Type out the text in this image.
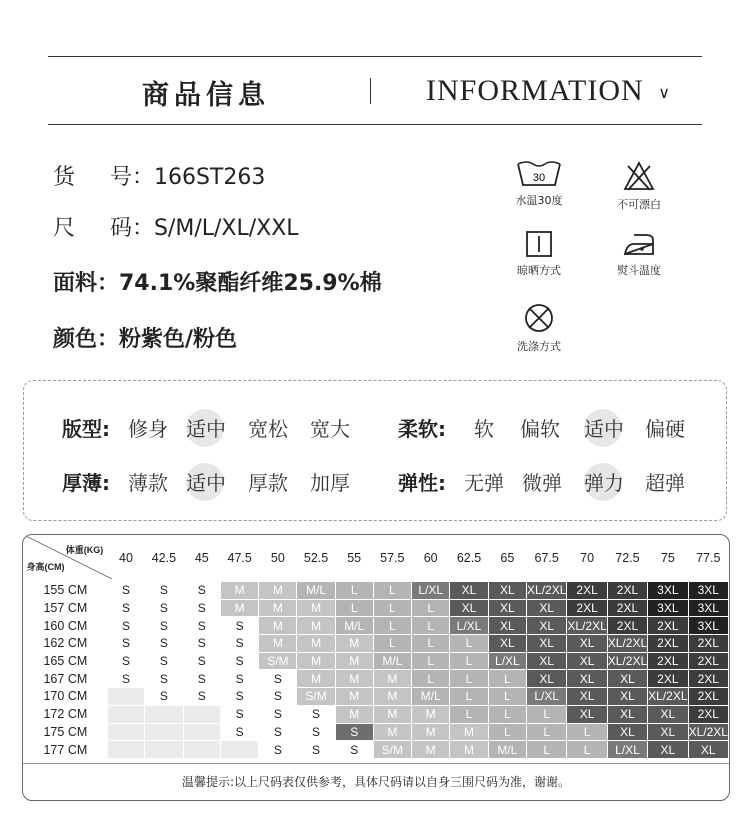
商品信息	INFORMATION ∨
货     号：166ST263
尺     码：S/M/L/XL/XXL
面料：74.1%聚酯纤维25.9%棉
颜色：粉紫色/粉色
30
水温30度	不可漂白
晾晒方式	熨斗温度
洗涤方式
版型: 修身 适中 宽松 宽大 柔软: 软 偏软 适中 偏硬
厚薄: 薄款 适中 厚款 加厚 弹性: 无弹 微弹 弹力 超弹
体重(KG)
身高(CM)	40	42.5	45	47.5	50	52.5	55	57.5	60	62.5	65	67.5	70	72.5	75	77.5
155 CM	S	S	S	M	M	M/L	L	L	L/XL	XL	XL	XL/2XL	2XL	2XL	3XL	3XL
157 CM	S	S	S	M	M	M	L	L	L	XL	XL	XL	2XL	2XL	3XL	3XL
160 CM	S	S	S	S	M	M	M/L	L	L	L/XL	XL	XL	XL/2XL	2XL	2XL	3XL
162 CM	S	S	S	S	M	M	M	L	L	L	XL	XL	XL	XL/2XL	2XL	2XL
165 CM	S	S	S	S	S/M	M	M	M/L	L	L	L/XL	XL	XL	XL/2XL	2XL	2XL
167 CM	S	S	S	S	S	M	M	M	L	L	L	XL	XL	XL	2XL	2XL
170 CM		S	S	S	S	S/M	M	M	M/L	L	L	L/XL	XL	XL	XL/2XL	2XL
172 CM				S	S	S	M	M	M	L	L	L	XL	XL	XL	2XL
175 CM				S	S	S	S	M	M	M	L	L	L	XL	XL	XL/2XL
177 CM					S	S	S	S/M	M	M	M/L	L	L	L/XL	XL	XL
温馨提示:以上尺码表仅供参考，具体尺码请以自身三围尺码为准，谢谢。
